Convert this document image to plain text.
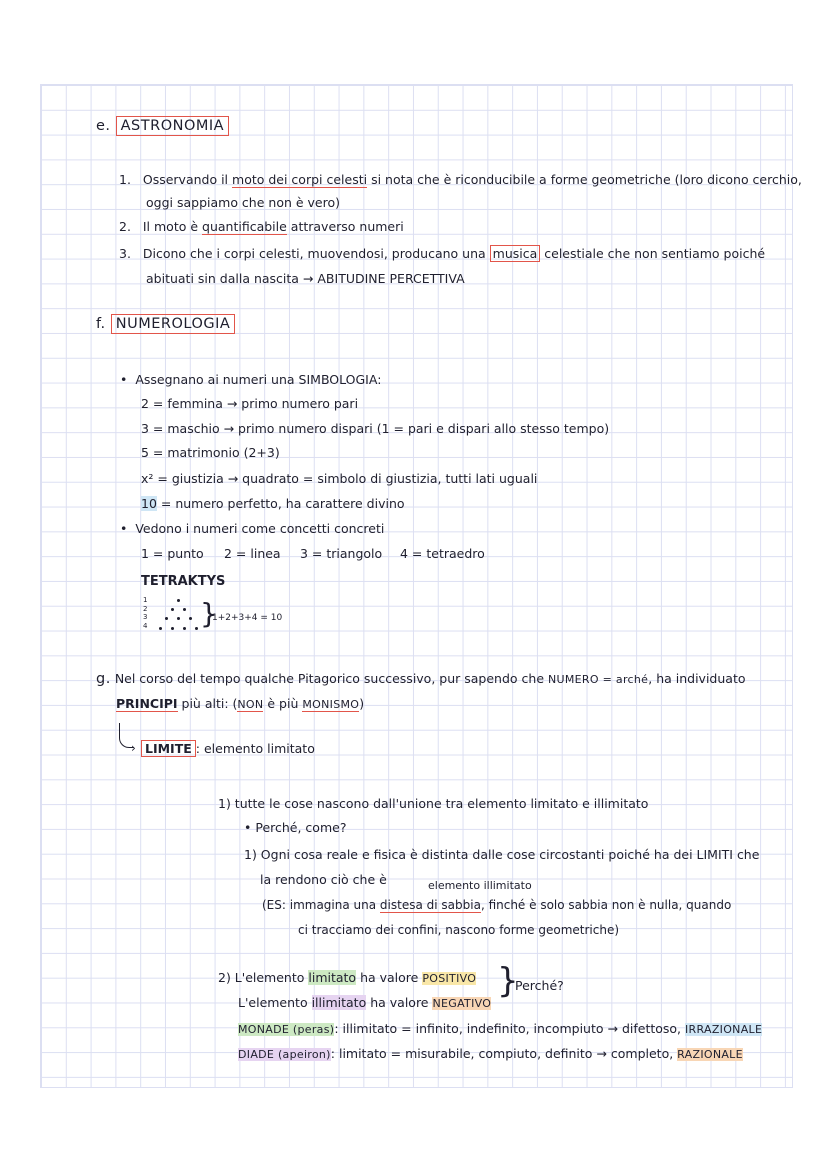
e. ASTRONOMIA
1. Osservando il moto dei corpi celesti si nota che è riconducibile a forme geometriche (loro dicono cerchio,
oggi sappiamo che non è vero)
2. Il moto è quantificabile attraverso numeri
3. Dicono che i corpi celesti, muovendosi, producano una musica celestiale che non sentiamo poiché
abituati sin dalla nascita → ABITUDINE PERCETTIVA
f. NUMEROLOGIA
•  Assegnano ai numeri una SIMBOLOGIA:
2 = femmina → primo numero pari
3 = maschio → primo numero dispari (1 = pari e dispari allo stesso tempo)
5 = matrimonio (2+3)
x² = giustizia → quadrato = simbolo di giustizia, tutti lati uguali
10 = numero perfetto, ha carattere divino
•  Vedono i numeri come concetti concreti
1 = punto 2 = linea 3 = triangolo 4 = tetraedro
TETRAKTYS
1
2
3
4 }
1+2+3+4 = 10
g. Nel corso del tempo qualche Pitagorico successivo, pur sapendo che NUMERO = arché, ha individuato
PRINCIPI più alti: (NON è più MONISMO)
› LIMITE : elemento limitato
1) tutte le cose nascono dall'unione tra elemento limitato e illimitato
• Perché, come?
1) Ogni cosa reale e fisica è distinta dalle cose circostanti poiché ha dei LIMITI che
la rendono ciò che è	elemento illimitato
(ES: immagina una distesa di sabbia, finché è solo sabbia non è nulla, quando
ci tracciamo dei confini, nascono forme geometriche)
2) L'elemento limitato ha valore POSITIVO
L'elemento illimitato ha valore NEGATIVO
}
Perché?
MONADE (peras): illimitato = infinito, indefinito, incompiuto → difettoso, IRRAZIONALE
DIADE (apeiron): limitato = misurabile, compiuto, definito → completo, RAZIONALE
